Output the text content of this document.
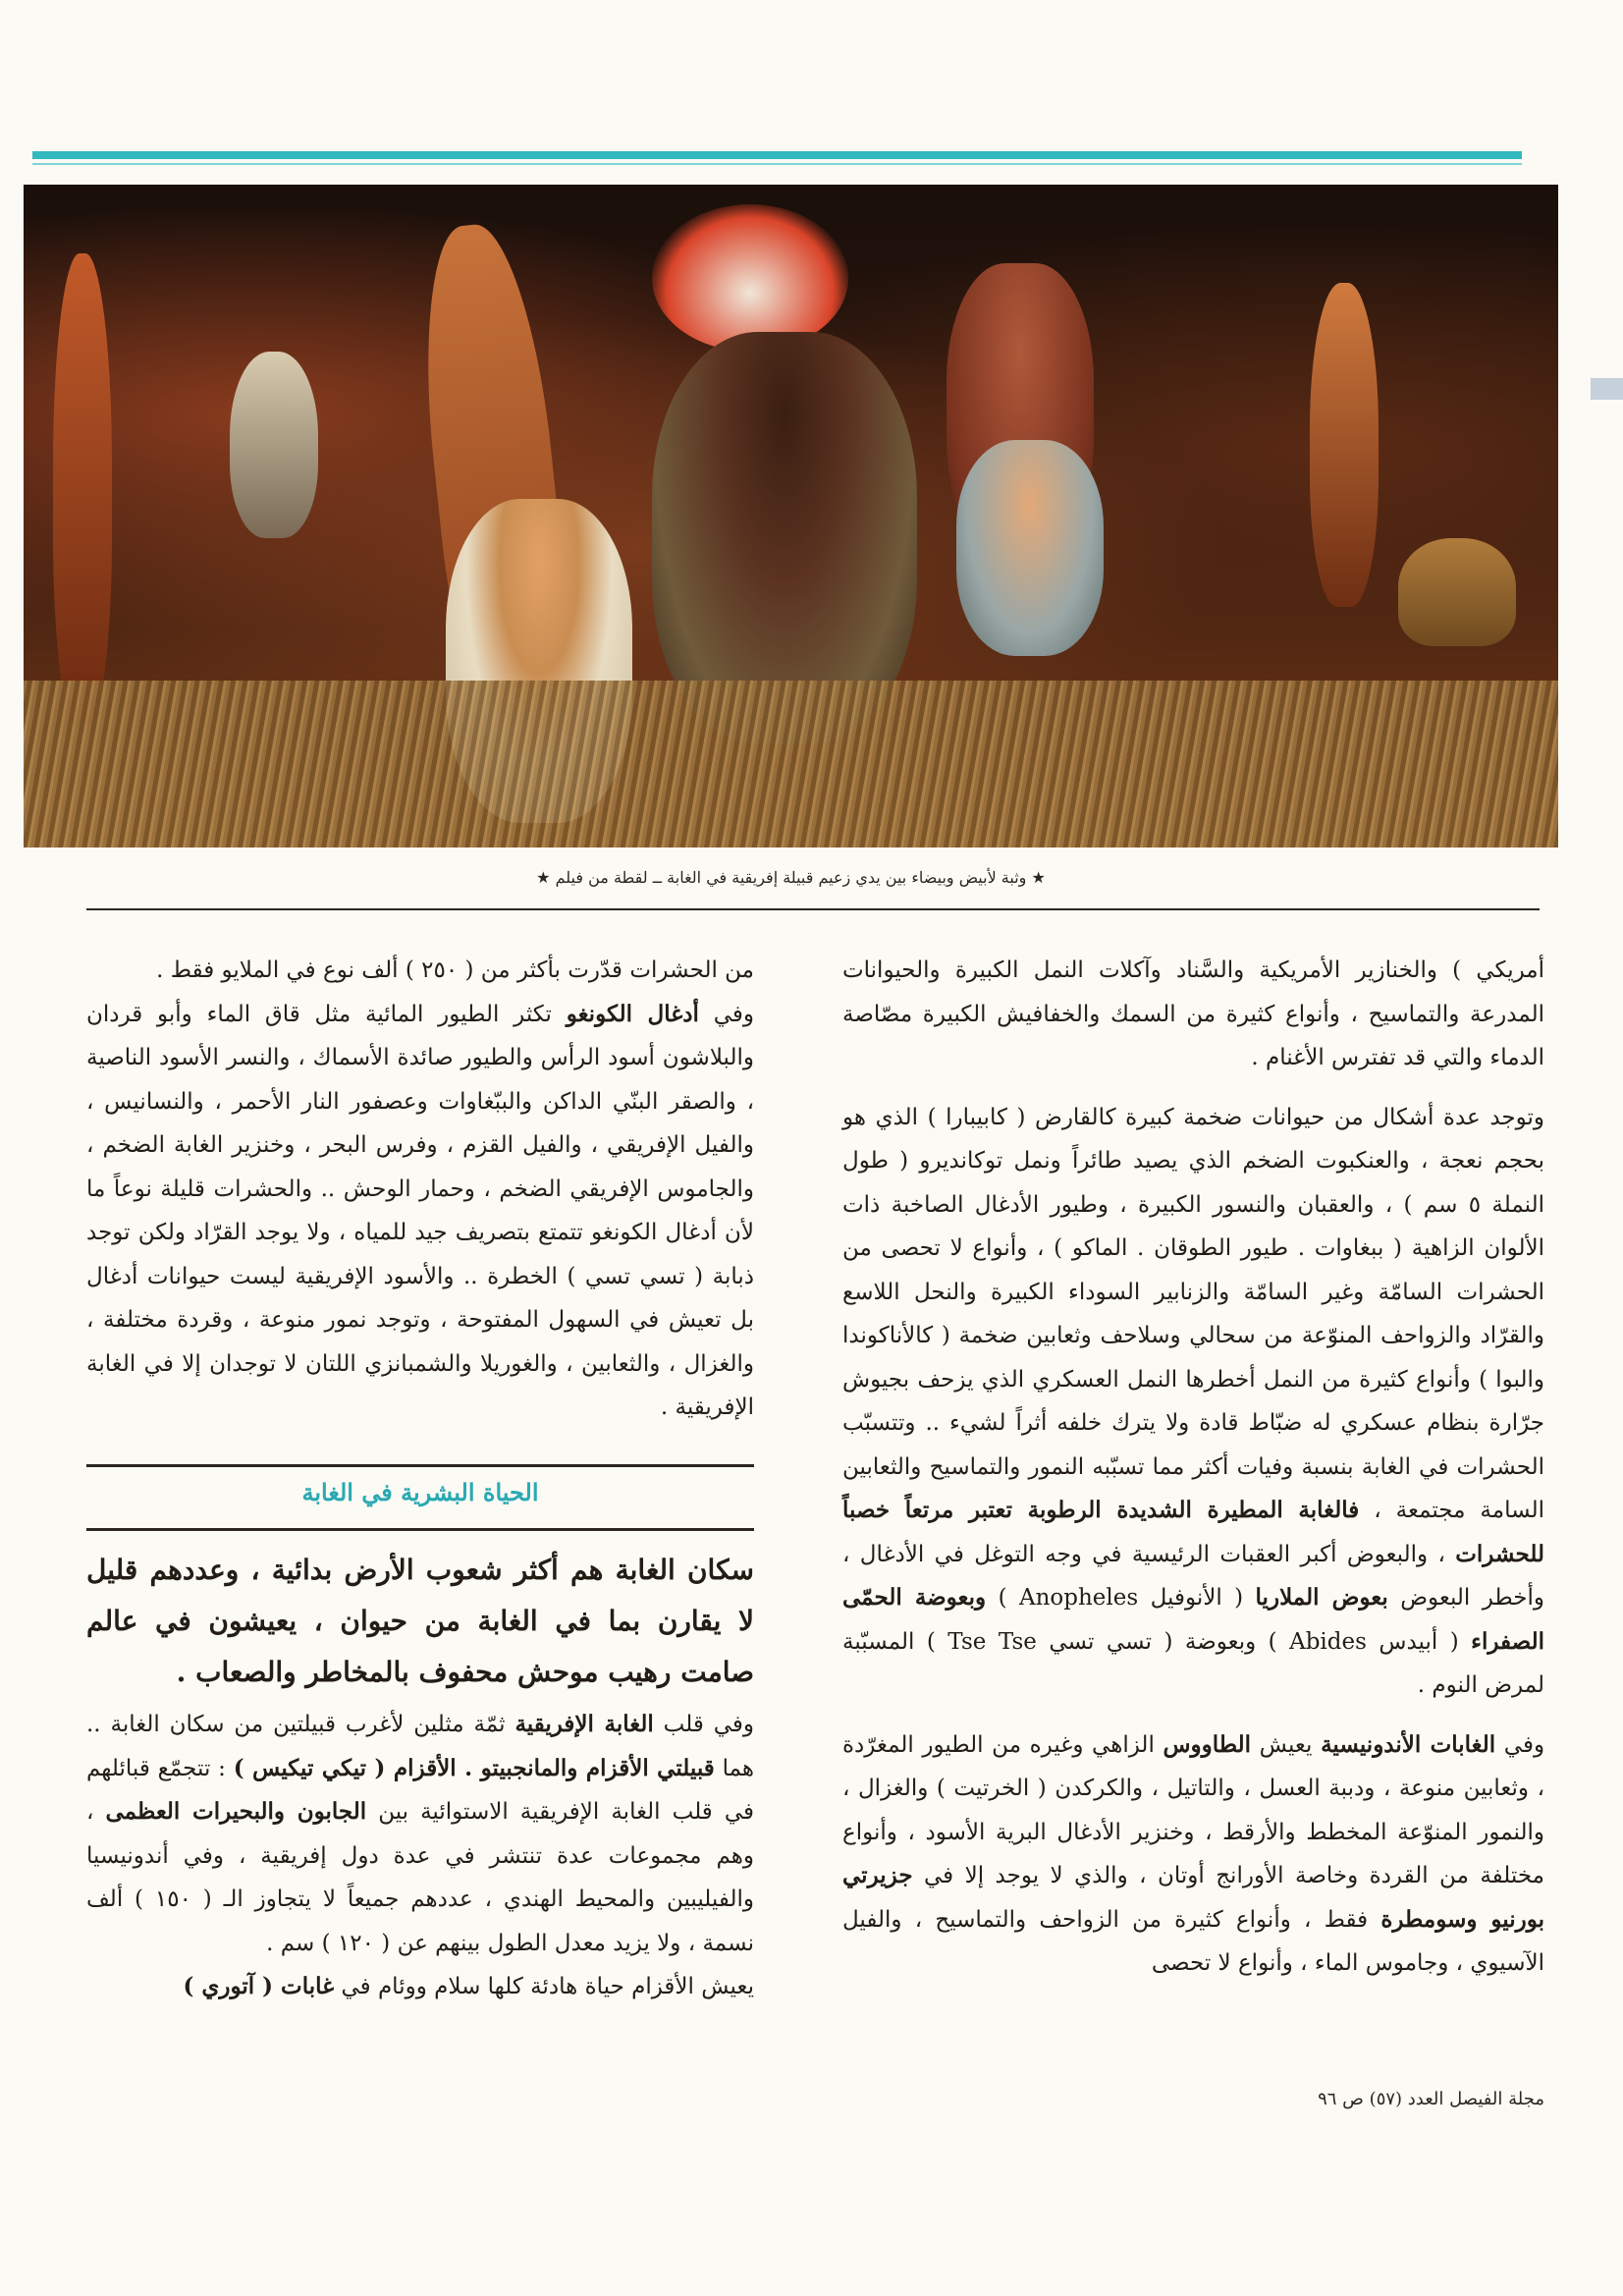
★ وثبة لأبيض وبيضاء بين يدي زعيم قبيلة إفريقية في الغابة ــ لقطة من فيلم ★

أمريكي ) والخنازير الأمريكية والسَّناد وآكلات النمل الكبيرة والحيوانات المدرعة والتماسيح ، وأنواع كثيرة من السمك والخفافيش الكبيرة مصّاصة الدماء والتي قد تفترس الأغنام .

وتوجد عدة أشكال من حيوانات ضخمة كبيرة كالقارض ( كابيبارا ) الذي هو بحجم نعجة ، والعنكبوت الضخم الذي يصيد طائراً ونمل توكانديرو ( طول النملة ٥ سم ) ، والعقبان والنسور الكبيرة ، وطيور الأدغال الصاخبة ذات الألوان الزاهية ( ببغاوات . طيور الطوقان . الماكو ) ، وأنواع لا تحصى من الحشرات السامّة وغير السامّة والزنابير السوداء الكبيرة والنحل اللاسع والقرّاد والزواحف المنوّعة من سحالي وسلاحف وثعابين ضخمة ( كالأناكوندا والبوا ) وأنواع كثيرة من النمل أخطرها النمل العسكري الذي يزحف بجيوش جرّارة بنظام عسكري له ضبّاط قادة ولا يترك خلفه أثراً لشيء .. وتتسبّب الحشرات في الغابة بنسبة وفيات أكثر مما تسبّبه النمور والتماسيح والثعابين السامة مجتمعة ، فالغابة المطيرة الشديدة الرطوبة تعتبر مرتعاً خصباً للحشرات ، والبعوض أكبر العقبات الرئيسية في وجه التوغل في الأدغال ، وأخطر البعوض بعوض الملاريا ( الأنوفيل Anopheles ) وبعوضة الحمّى الصفراء ( أبيدس Abides ) وبعوضة ( تسي تسي Tse Tse ) المسبّبة لمرض النوم .

وفي الغابات الأندونيسية يعيش الطاووس الزاهي وغيره من الطيور المغرّدة ، وثعابين منوعة ، ودببة العسل ، والتاتيل ، والكركدن ( الخرتيت ) والغزال ، والنمور المنوّعة المخطط والأرقط ، وخنزير الأدغال البرية الأسود ، وأنواع مختلفة من القردة وخاصة الأورانج أوتان ، والذي لا يوجد إلا في جزيرتي بورنيو وسومطرة فقط ، وأنواع كثيرة من الزواحف والتماسيح ، والفيل الآسيوي ، وجاموس الماء ، وأنواع لا تحصى

من الحشرات قدّرت بأكثر من ( ٢٥٠ ) ألف نوع في الملايو فقط .

وفي أدغال الكونغو تكثر الطيور المائية مثل قاق الماء وأبو قردان والبلاشون أسود الرأس والطيور صائدة الأسماك ، والنسر الأسود الناصية ، والصقر البنّي الداكن والببّغاوات وعصفور النار الأحمر ، والنسانيس ، والفيل الإفريقي ، والفيل القزم ، وفرس البحر ، وخنزير الغابة الضخم ، والجاموس الإفريقي الضخم ، وحمار الوحش .. والحشرات قليلة نوعاً ما لأن أدغال الكونغو تتمتع بتصريف جيد للمياه ، ولا يوجد القرّاد ولكن توجد ذبابة ( تسي تسي ) الخطرة .. والأسود الإفريقية ليست حيوانات أدغال بل تعيش في السهول المفتوحة ، وتوجد نمور منوعة ، وقردة مختلفة ، والغزال ، والثعابين ، والغوريلا والشمبانزي اللتان لا توجدان إلا في الغابة الإفريقية .

الحياة البشرية في الغابة

سكان الغابة هم أكثر شعوب الأرض بدائية ، وعددهم قليل لا يقارن بما في الغابة من حيوان ، يعيشون في عالم صامت رهيب موحش محفوف بالمخاطر والصعاب .

وفي قلب الغابة الإفريقية ثمّة مثلين لأغرب قبيلتين من سكان الغابة .. هما قبيلتي الأقزام والمانجبيتو . الأقزام ( تيكي تيكيس ) : تتجمّع قبائلهم في قلب الغابة الإفريقية الاستوائية بين الجابون والبحيرات العظمى ، وهم مجموعات عدة تنتشر في عدة دول إفريقية ، وفي أندونيسيا والفيليبين والمحيط الهندي ، عددهم جميعاً لا يتجاوز الـ ( ١٥٠ ) ألف نسمة ، ولا يزيد معدل الطول بينهم عن ( ١٢٠ ) سم .

يعيش الأقزام حياة هادئة كلها سلام ووئام في غابات ( آتوري )

مجلة الفيصل العدد (٥٧) ص ٩٦
